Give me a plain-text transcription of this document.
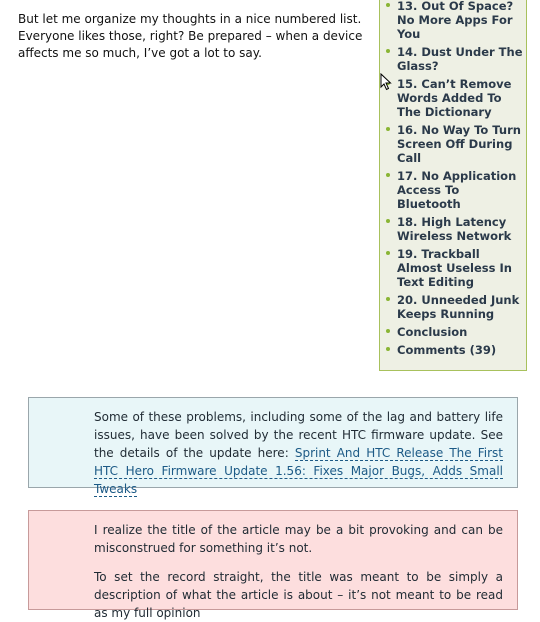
But let me organize my thoughts in a nice numbered list. Everyone likes those, right? Be prepared – when a device affects me so much, I’ve got a lot to say.
13. Out Of Space? No More Apps For You
14. Dust Under The Glass?
15. Can’t Remove Words Added To The Dictionary
16. No Way To Turn Screen Off During Call
17. No Application Access To Bluetooth
18. High Latency Wireless Network
19. Trackball Almost Useless In Text Editing
20. Unneeded Junk Keeps Running
Conclusion
Comments (39)
Some of these problems, including some of the lag and battery life issues, have been solved by the recent HTC firmware update. See the details of the update here: Sprint And HTC Release The First HTC Hero Firmware Update 1.56: Fixes Major Bugs, Adds Small Tweaks

I realize the title of the article may be a bit provoking and can be misconstrued for something it’s not.

To set the record straight, the title was meant to be simply a description of what the article is about – it’s not meant to be read as my full opinion
